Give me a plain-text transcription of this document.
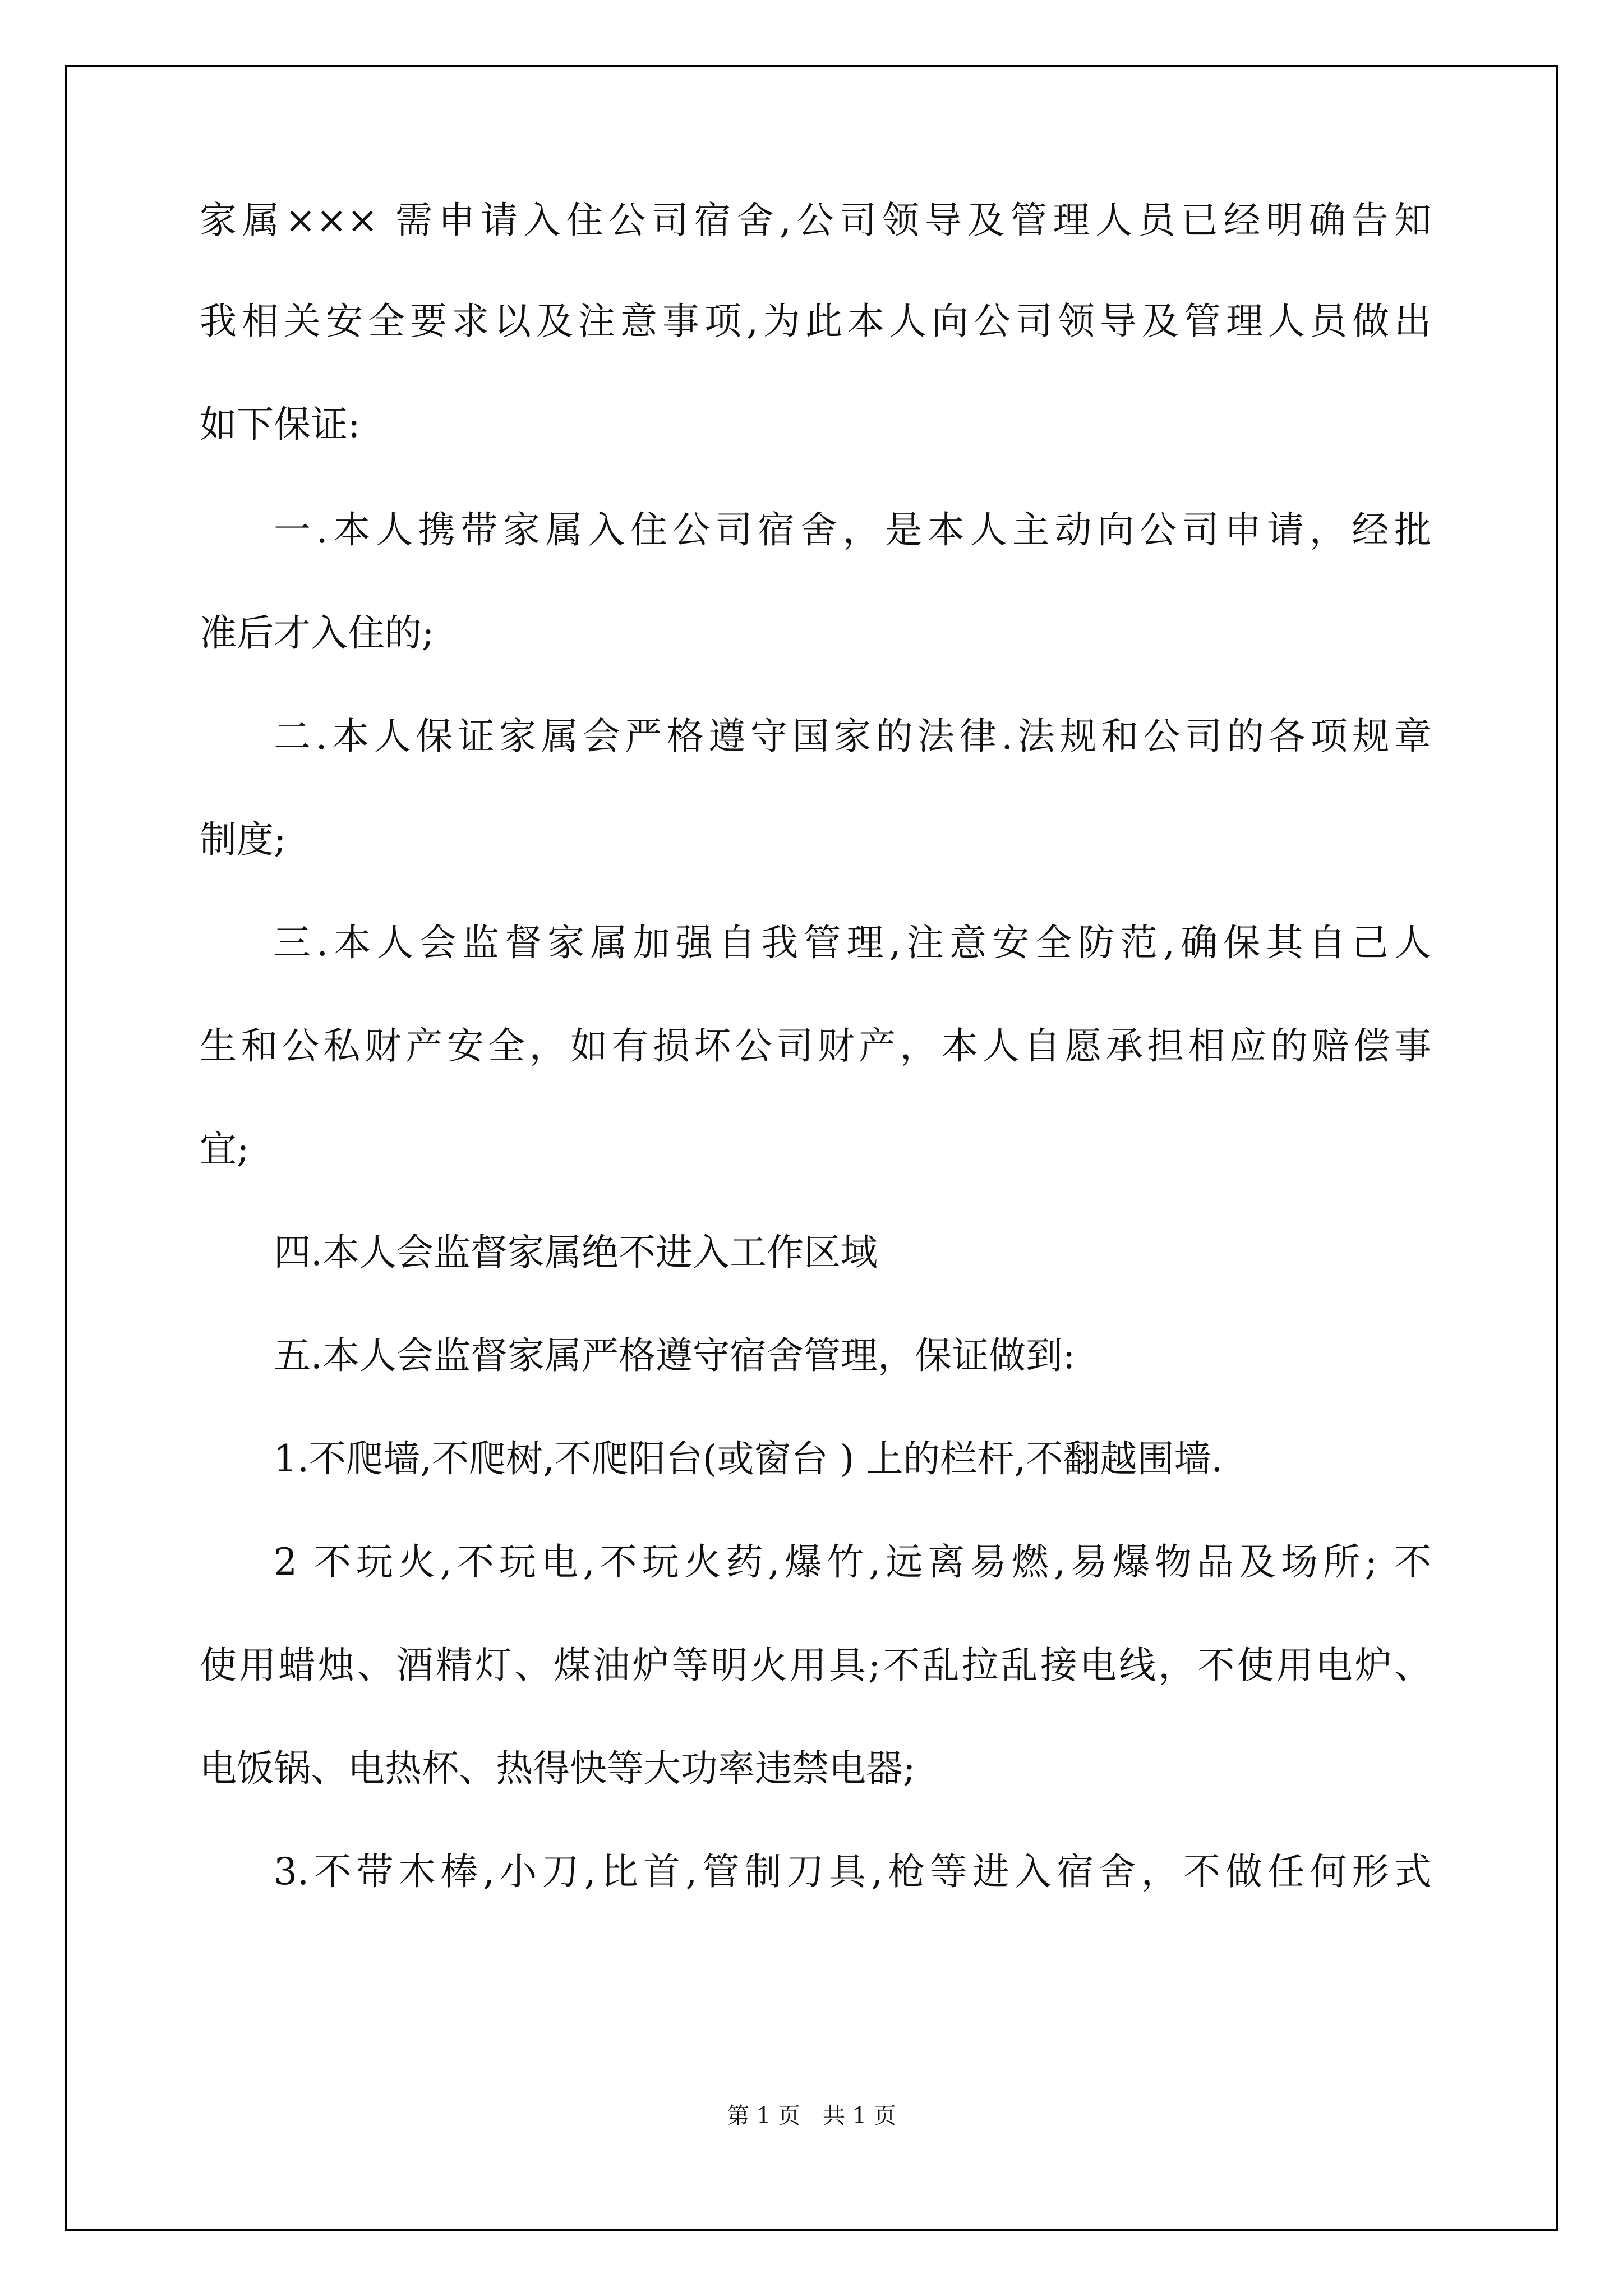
家属××× 需申请入住公司宿舍,公司领导及管理人员已经明确告知
我相关安全要求以及注意事项,为此本人向公司领导及管理人员做出
如下保证:
一.本人携带家属入住公司宿舍，是本人主动向公司申请，经批
准后才入住的;
二.本人保证家属会严格遵守国家的法律.法规和公司的各项规章
制度;
三.本人会监督家属加强自我管理,注意安全防范,确保其自己人
生和公私财产安全，如有损坏公司财产，本人自愿承担相应的赔偿事
宜;
四.本人会监督家属绝不进入工作区域
五.本人会监督家属严格遵守宿舍管理，保证做到:
1.不爬墙,不爬树,不爬阳台(或窗台 ) 上的栏杆,不翻越围墙.
2 不玩火,不玩电,不玩火药,爆竹,远离易燃,易爆物品及场所; 不
使用蜡烛、酒精灯、煤油炉等明火用具;不乱拉乱接电线，不使用电炉、
电饭锅、电热杯、热得快等大功率违禁电器;
3.不带木棒,小刀,比首,管制刀具,枪等进入宿舍，不做任何形式
第 1 页　共 1 页
